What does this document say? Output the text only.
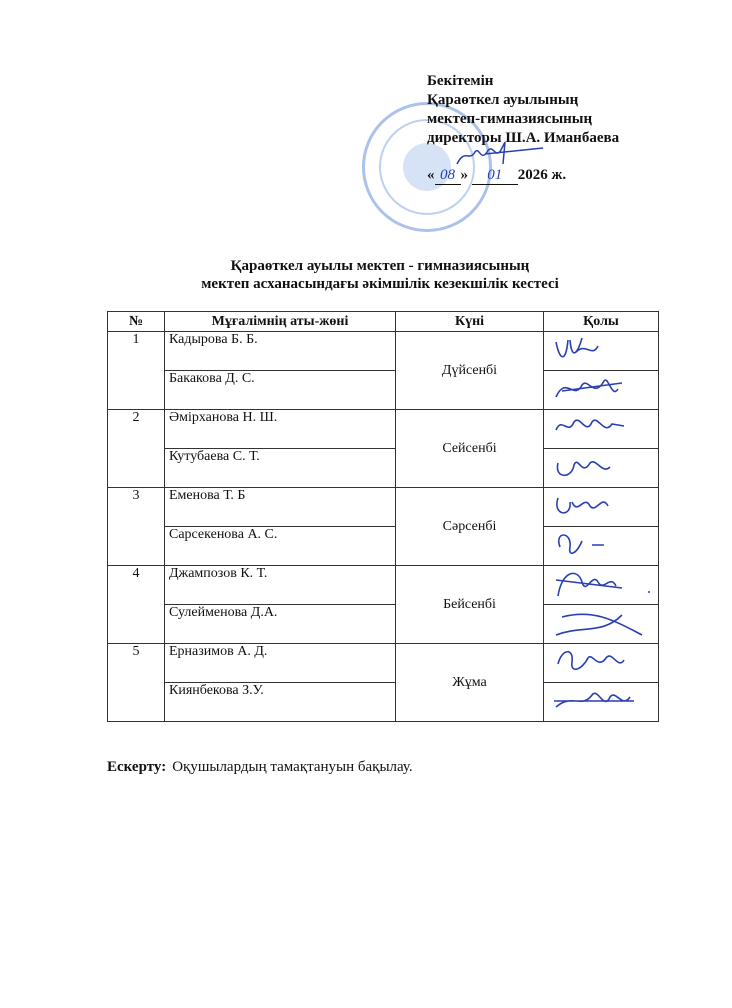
Бекітемін
Қараөткел ауылының
мектеп-гимназиясының
директоры Ш.А. Иманбаева
« 08 » 01 2026 ж.
Қараөткел ауылы мектеп - гимназиясының
мектеп асханасындағы әкімшілік кезекшілік кестесі
№	Мұғалімнің аты-жөні	Күні	Қолы
1	Кадырова Б. Б.	Дүйсенбі	

	Бакакова Д. С.	

2	Әмірханова Н. Ш.	Сейсенбі	

	Кутубаева С. Т.	

3	Еменова Т. Б	Сәрсенбі	

	Сарсекенова А. С.	

4	Джампозов К. Т.	Бейсенбі	

	Сулейменова Д.А.	

5	Ерназимов А. Д.	Жұма	

	Киянбекова З.У.	
Ескерту: Оқушылардың тамақтануын бақылау.
